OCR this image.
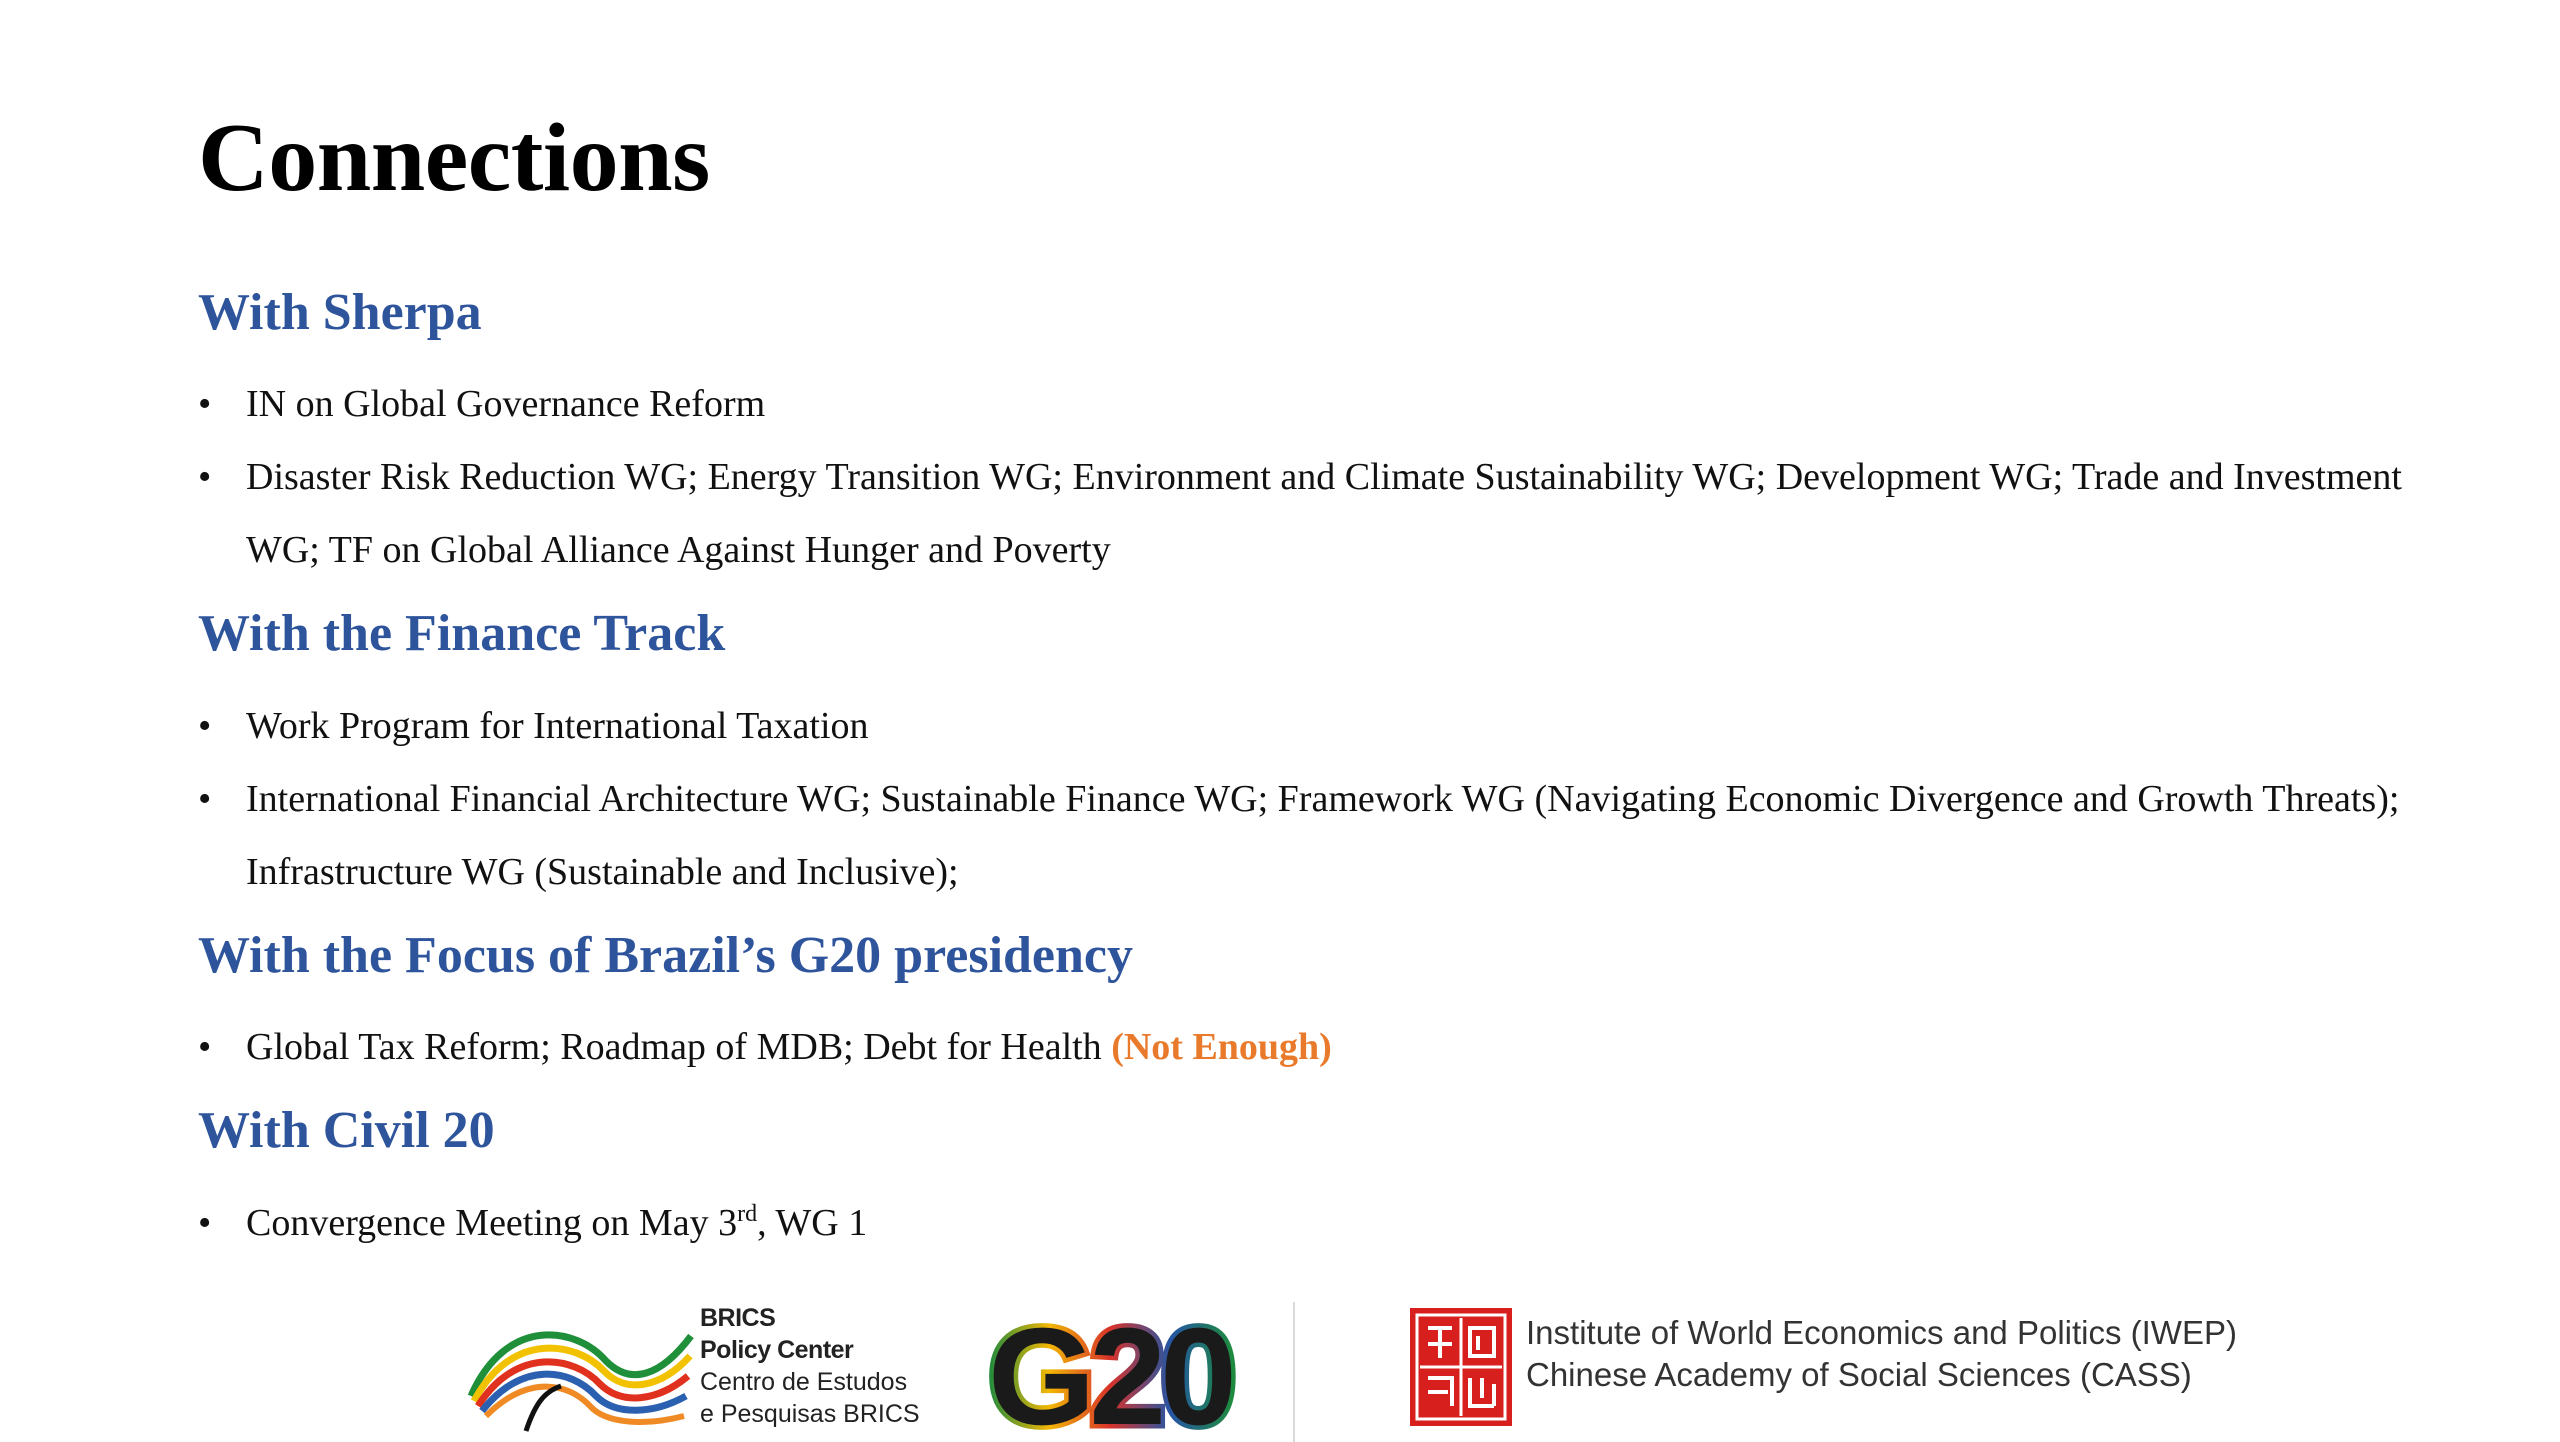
Connections
With Sherpa
• IN on Global Governance Reform
• Disaster Risk Reduction WG; Energy Transition WG; Environment and Climate Sustainability WG; Development WG; Trade and Investment WG; TF on Global Alliance Against Hunger and Poverty
With the Finance Track
• Work Program for International Taxation
• International Financial Architecture WG; Sustainable Finance WG; Framework WG (Navigating Economic Divergence and Growth Threats); Infrastructure WG (Sustainable and Inclusive);
With the Focus of Brazil’s G20 presidency
• Global Tax Reform; Roadmap of MDB; Debt for Health (Not Enough)
With Civil 20
• Convergence Meeting on May 3rd, WG 1
BRICS
Policy Center
Centro de Estudos
e Pesquisas BRICS G20	Institute of World Economics and Politics (IWEP)
Chinese Academy of Social Sciences (CASS)
